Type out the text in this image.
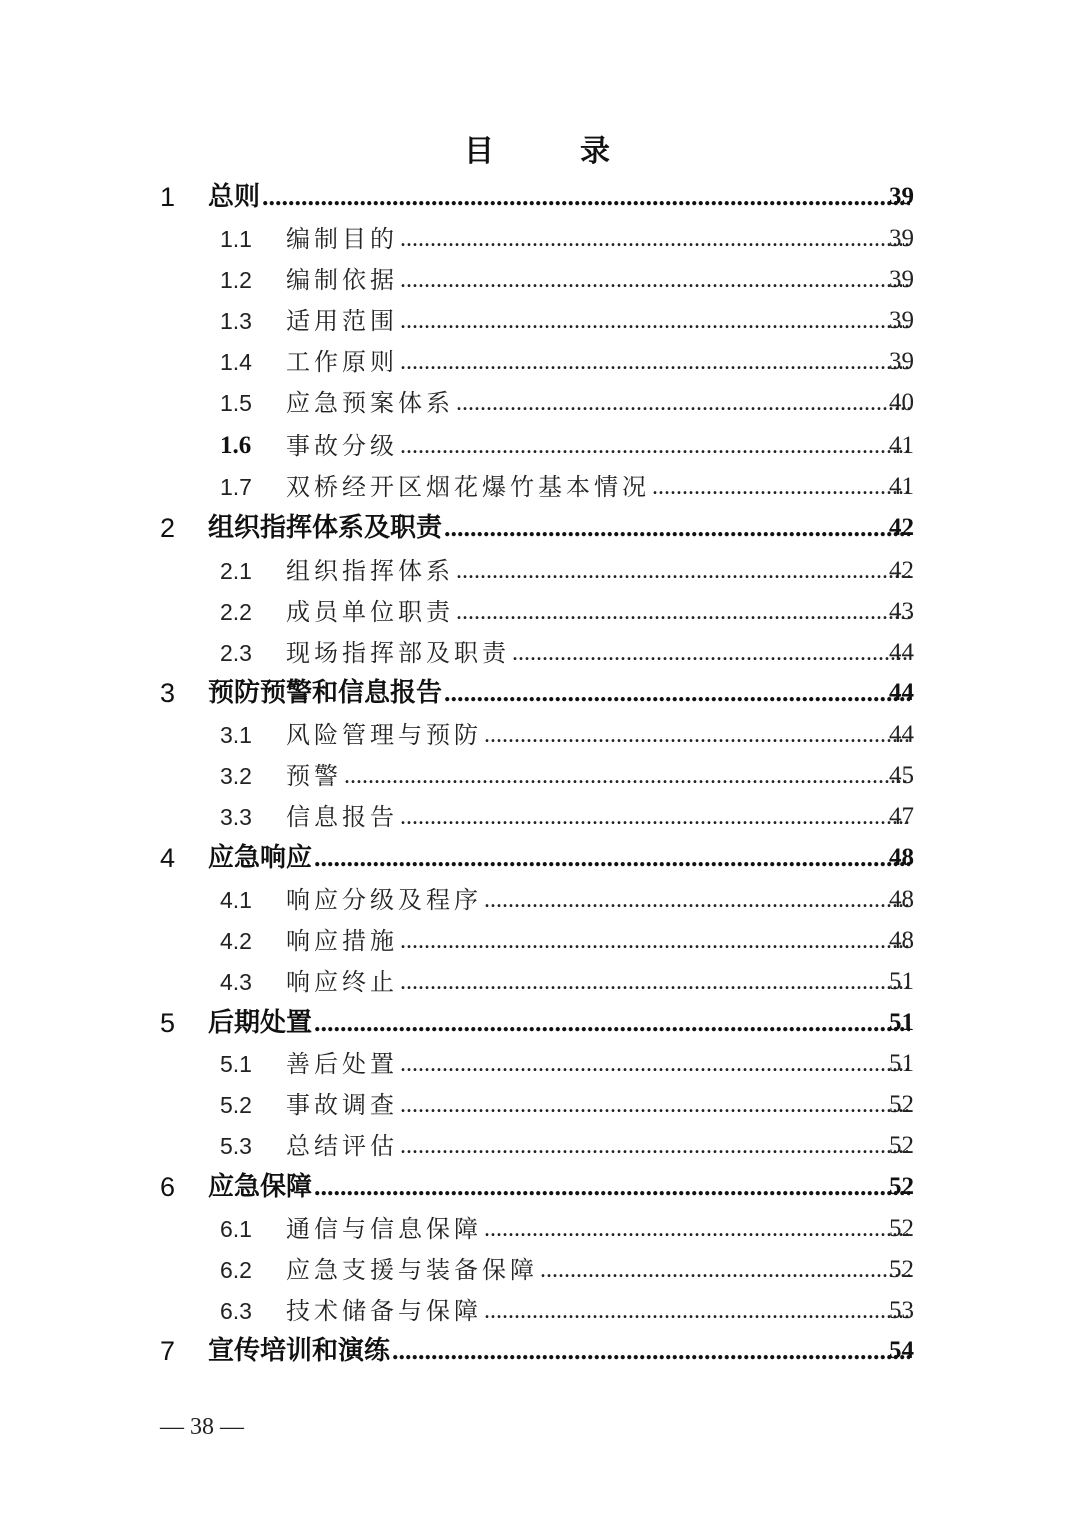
目　录
1 总则 .....	39
1.1 编制目的 .....	39
1.2 编制依据 .....	39
1.3 适用范围 .....	39
1.4 工作原则 .....	39
1.5 应急预案体系 .....	40
1.6 事故分级 .....	41
1.7 双桥经开区烟花爆竹基本情况 .....	41
2 组织指挥体系及职责 .....	42
2.1 组织指挥体系 .....	42
2.2 成员单位职责 .....	43
2.3 现场指挥部及职责 .....	44
3 预防预警和信息报告 .....	44
3.1 风险管理与预防 .....	44
3.2 预警 .....	45
3.3 信息报告 .....	47
4 应急响应 .....	48
4.1 响应分级及程序 .....	48
4.2 响应措施 .....	48
4.3 响应终止 .....	51
5 后期处置 .....	51
5.1 善后处置 .....	51
5.2 事故调查 .....	52
5.3 总结评估 .....	52
6 应急保障 .....	52
6.1 通信与信息保障 .....	52
6.2 应急支援与装备保障 .....	52
6.3 技术储备与保障 .....	53
7 宣传培训和演练 .....	54
— 38 —
